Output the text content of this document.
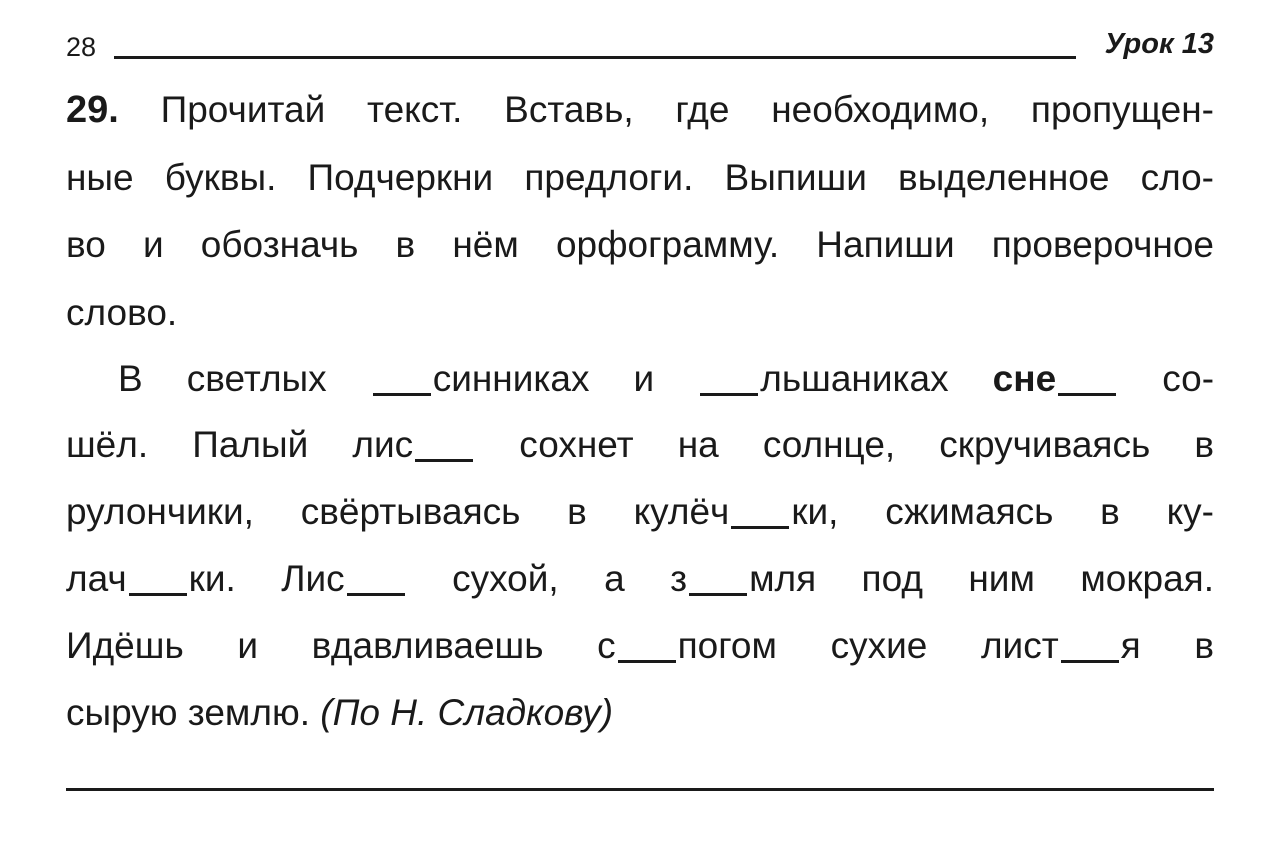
28	Урок 13
29. Прочитай текст. Вставь, где необходимо, пропущен-
ные буквы. Подчеркни предлоги. Выпиши выделенное сло-
во и обозначь в нём орфограмму. Напиши проверочное
слово.
В светлых	синниках и	льшаниках сне	со-
шёл. Палый лис	сохнет на солнце, скручиваясь в
рулончики, свёртываясь в кулёч ки, сжимаясь в ку-
лач ки. Лис	сухой, а з мля под ним мокрая.
Идёшь и вдавливаешь с погом сухие лист я в
сырую землю. (По Н. Сладкову)
